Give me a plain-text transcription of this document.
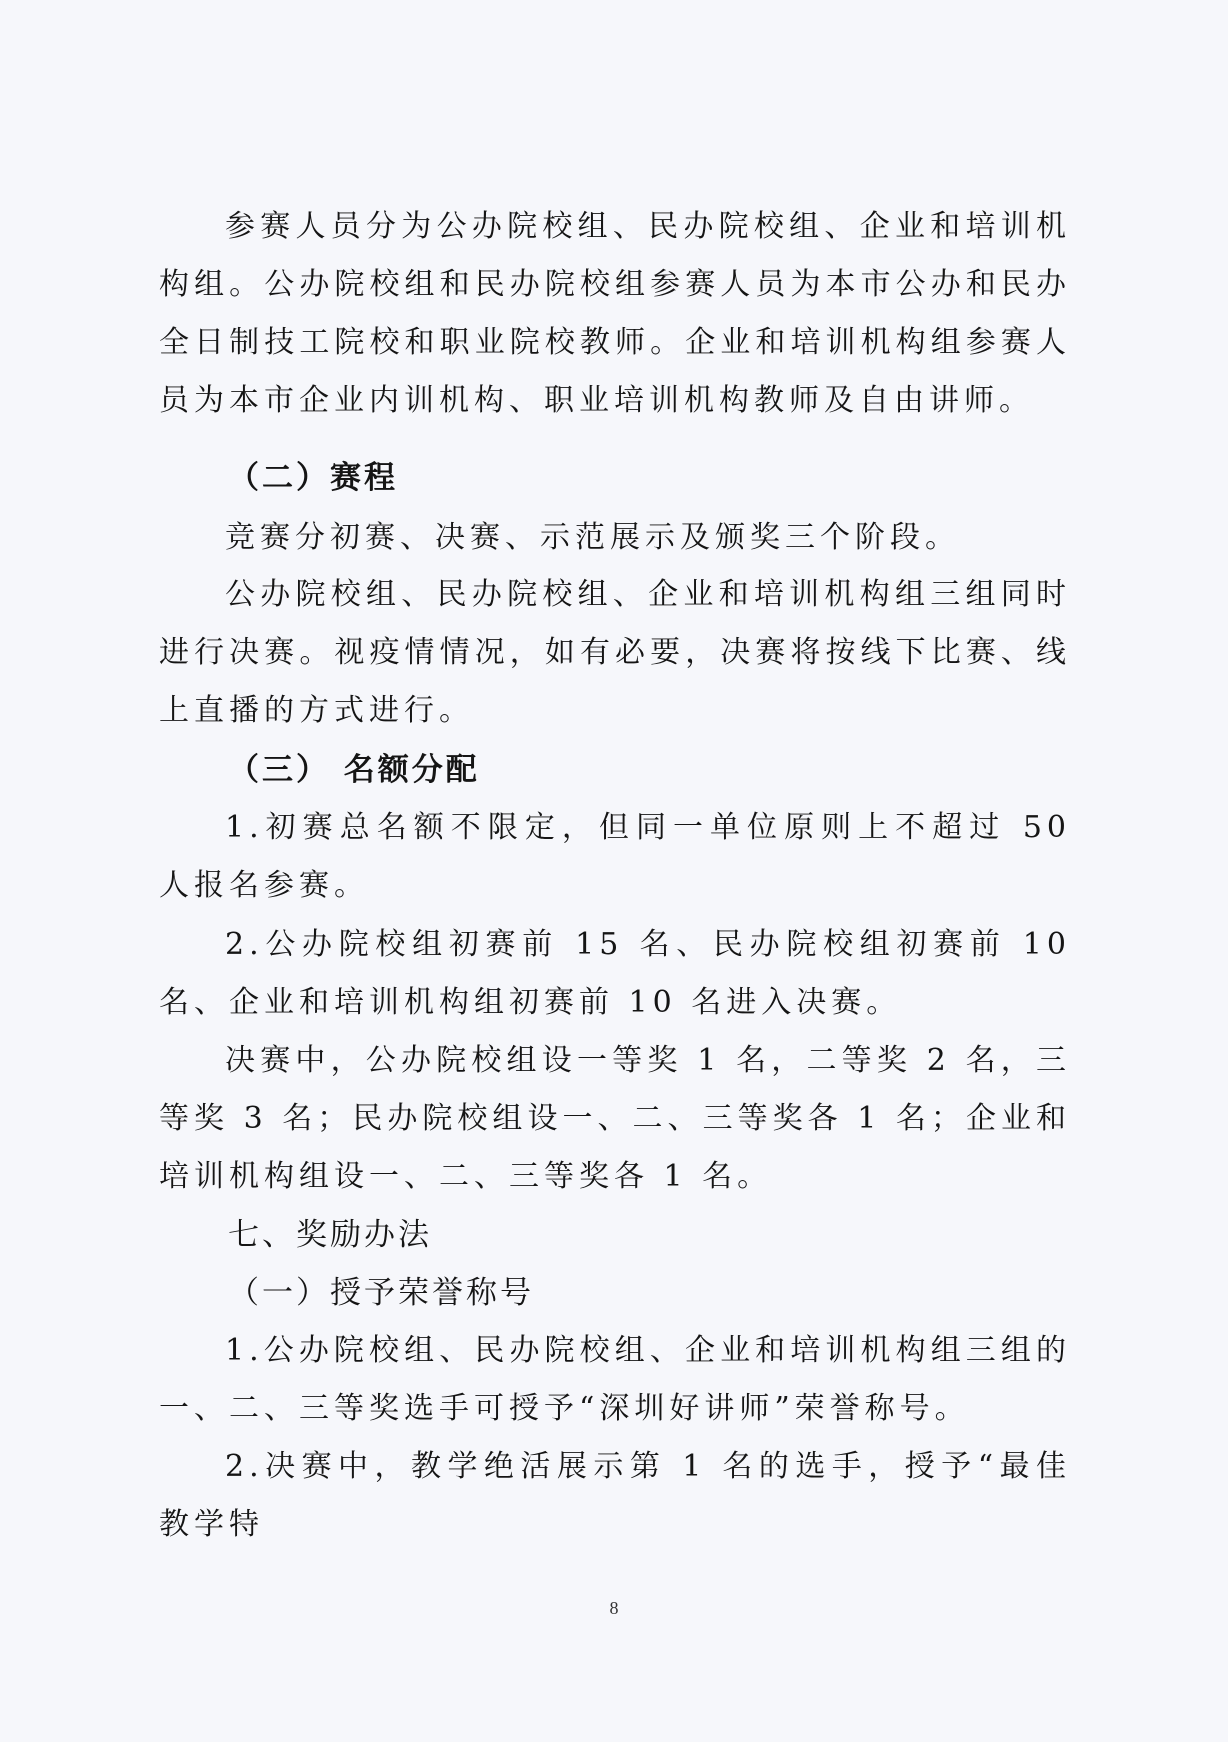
参赛人员分为公办院校组、民办院校组、企业和培训机构组。公办院校组和民办院校组参赛人员为本市公办和民办全日制技工院校和职业院校教师。企业和培训机构组参赛人员为本市企业内训机构、职业培训机构教师及自由讲师。

（二）赛程

竞赛分初赛、决赛、示范展示及颁奖三个阶段。

公办院校组、民办院校组、企业和培训机构组三组同时进行决赛。视疫情情况，如有必要，决赛将按线下比赛、线上直播的方式进行。

（三） 名额分配

1.初赛总名额不限定，但同一单位原则上不超过 50 人报名参赛。

2.公办院校组初赛前 15 名、民办院校组初赛前 10 名、企业和培训机构组初赛前 10 名进入决赛。

决赛中，公办院校组设一等奖 1 名，二等奖 2 名，三等奖 3 名；民办院校组设一、二、三等奖各 1 名；企业和培训机构组设一、二、三等奖各 1 名。

七、奖励办法

（一）授予荣誉称号

1.公办院校组、民办院校组、企业和培训机构组三组的一、二、三等奖选手可授予“深圳好讲师”荣誉称号。

2.决赛中，教学绝活展示第 1 名的选手，授予“最佳教学特

8
